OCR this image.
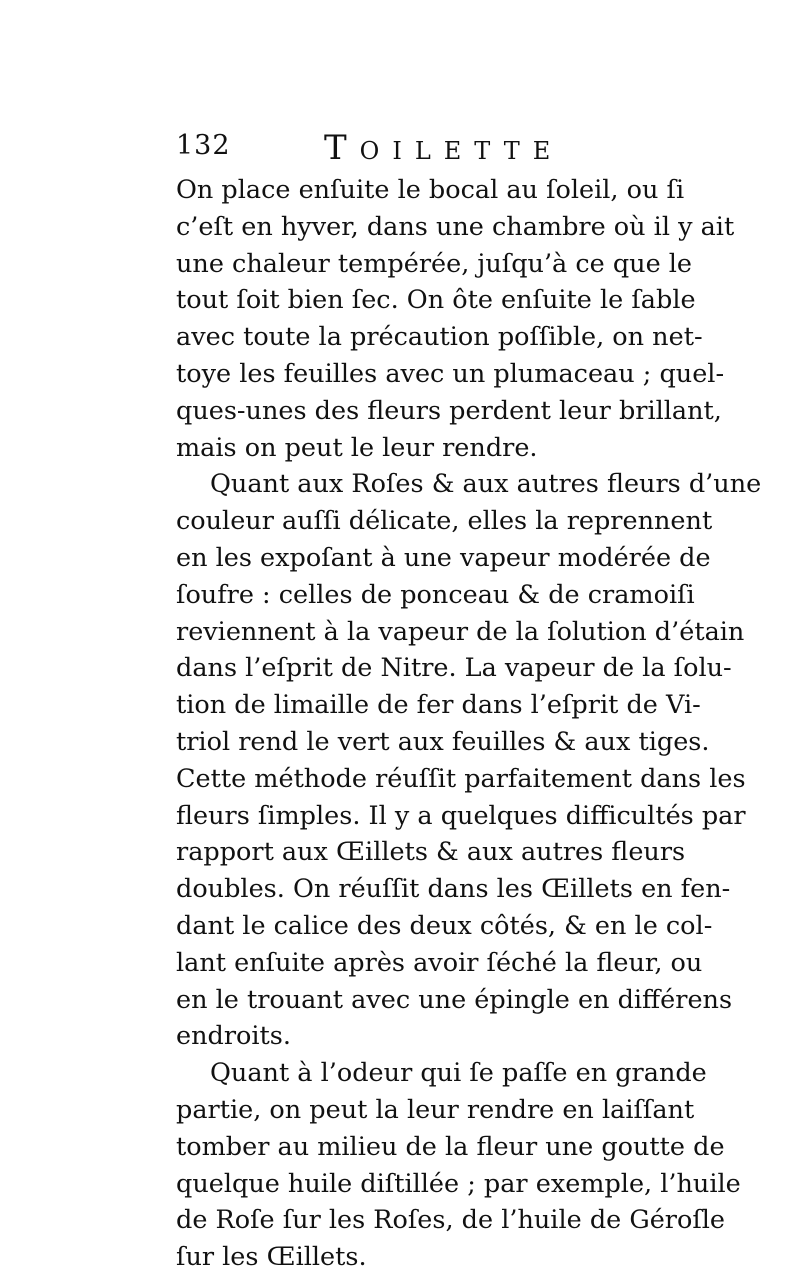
132	Toilette
On place enſuite le bocal au ſoleil, ou ſi
c’eſt en hyver, dans une chambre où il y ait
une chaleur tempérée, juſqu’à ce que le
tout ſoit bien ſec. On ôte enſuite le ſable
avec toute la précaution poſſible, on net-
toye les feuilles avec un plumaceau ; quel-
ques-unes des fleurs perdent leur brillant,
mais on peut le leur rendre.
Quant aux Roſes & aux autres fleurs d’une
couleur auſſi délicate, elles la reprennent
en les expoſant à une vapeur modérée de
ſoufre : celles de ponceau & de cramoiſi
reviennent à la vapeur de la ſolution d’étain
dans l’eſprit de Nitre. La vapeur de la ſolu-
tion de limaille de fer dans l’eſprit de Vi-
triol rend le vert aux feuilles & aux tiges.
Cette méthode réuſſit parfaitement dans les
fleurs ſimples. Il y a quelques difficultés par
rapport aux Œillets & aux autres fleurs
doubles. On réuſſit dans les Œillets en fen-
dant le calice des deux côtés, & en le col-
lant enſuite après avoir ſéché la fleur, ou
en le trouant avec une épingle en différens
endroits.
Quant à l’odeur qui ſe paſſe en grande
partie, on peut la leur rendre en laiſſant
tomber au milieu de la fleur une goutte de
quelque huile diſtillée ; par exemple, l’huile
de Roſe ſur les Roſes, de l’huile de Géroſle
ſur les Œillets.
